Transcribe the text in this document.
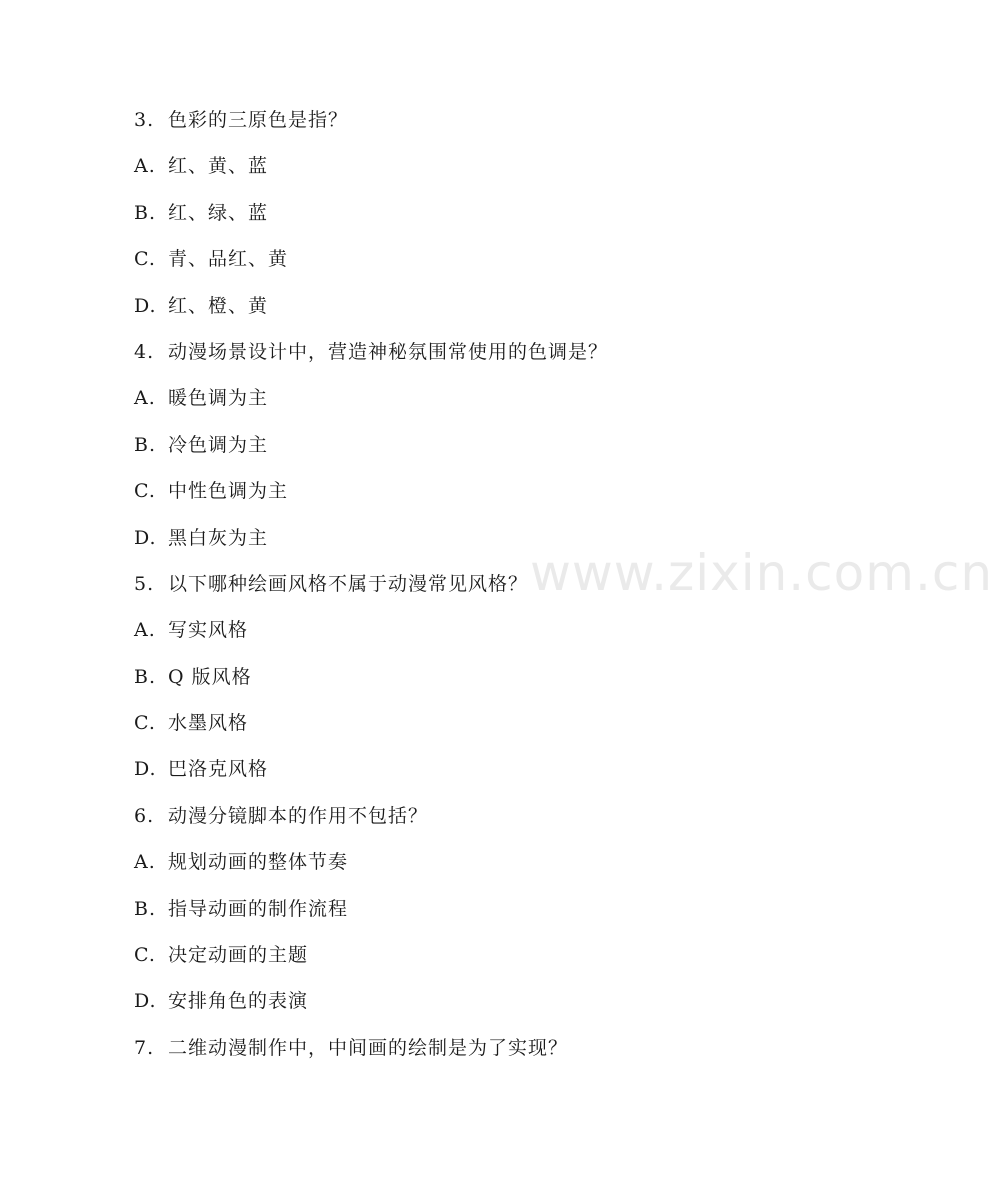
www.zixin.com.cn
3. 色彩的三原色是指？
A. 红、黄、蓝
B. 红、绿、蓝
C. 青、品红、黄
D. 红、橙、黄
4. 动漫场景设计中，营造神秘氛围常使用的色调是？
A. 暖色调为主
B. 冷色调为主
C. 中性色调为主
D. 黑白灰为主
5. 以下哪种绘画风格不属于动漫常见风格？
A. 写实风格
B. Q 版风格
C. 水墨风格
D. 巴洛克风格
6. 动漫分镜脚本的作用不包括？
A. 规划动画的整体节奏
B. 指导动画的制作流程
C. 决定动画的主题
D. 安排角色的表演
7. 二维动漫制作中，中间画的绘制是为了实现？
